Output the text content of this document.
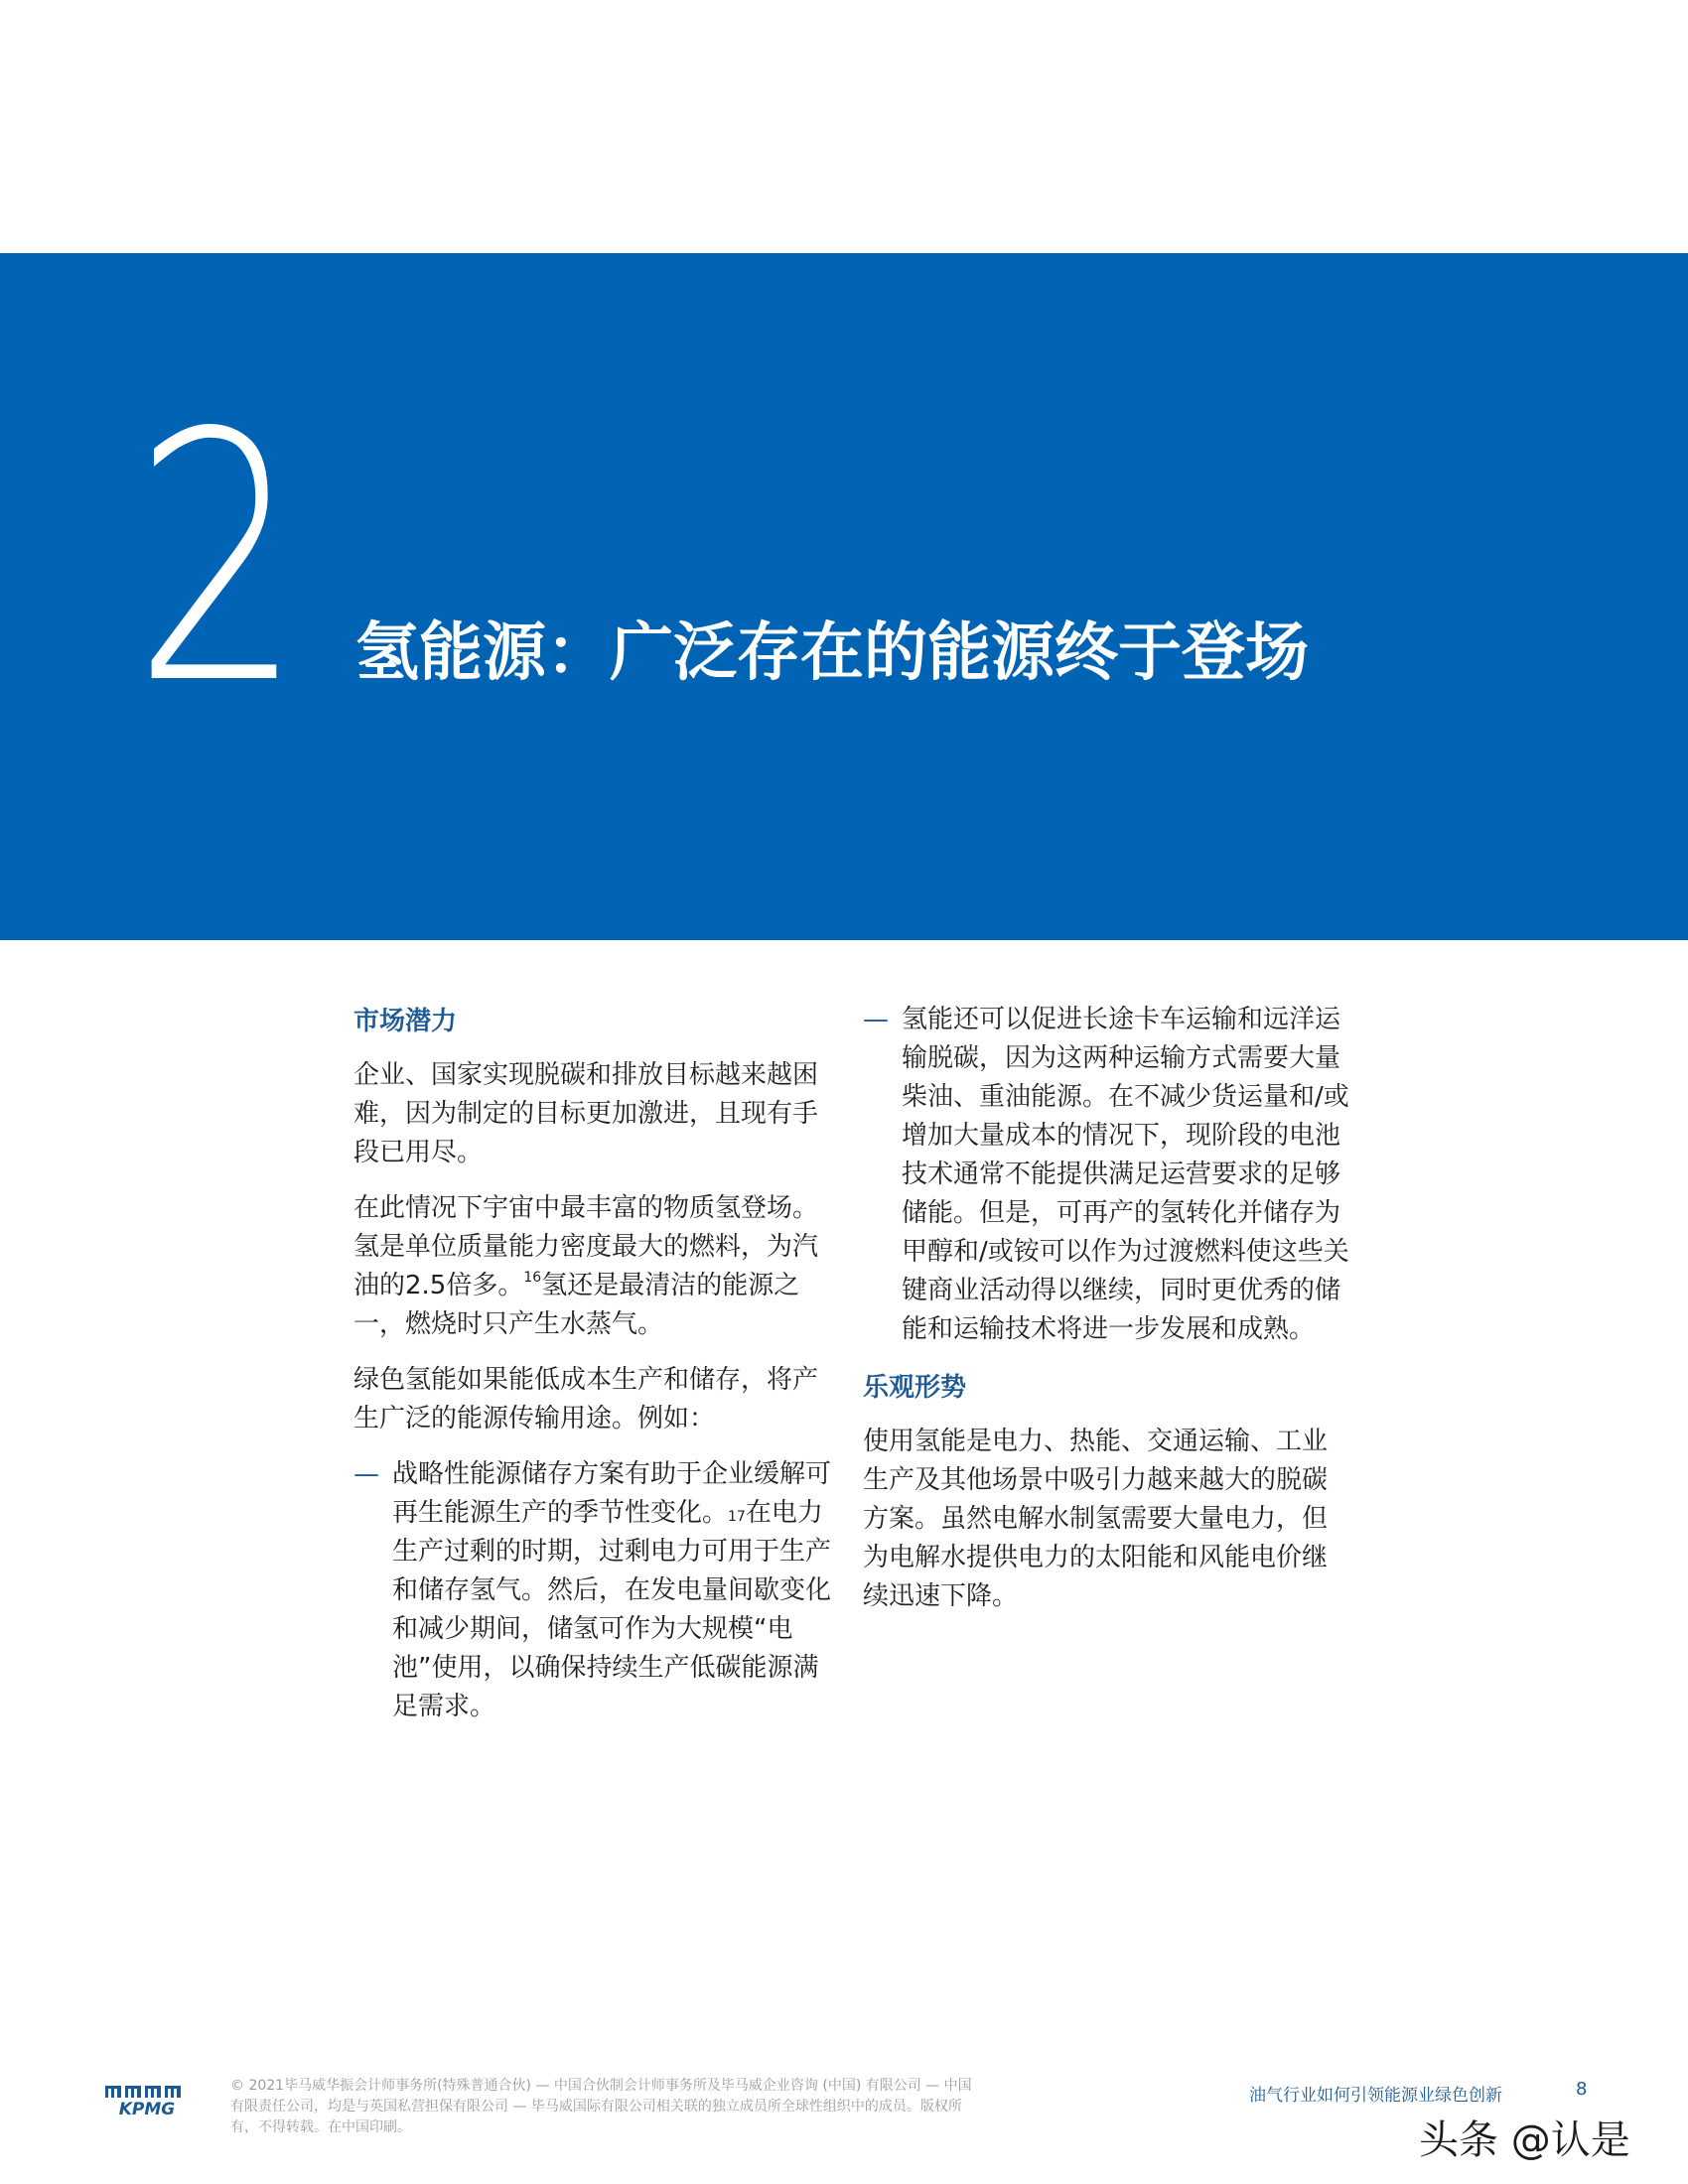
2 氢能源：广泛存在的能源终于登场
市场潜力

企业、国家实现脱碳和排放目标越来越困难，因为制定的目标更加激进，且现有手段已用尽。

在此情况下宇宙中最丰富的物质氢登场。氢是单位质量能力密度最大的燃料，为汽油的2.5倍多。$^{16}$氢还是最清洁的能源之一，燃烧时只产生水蒸气。

绿色氢能如果能低成本生产和储存，将产生广泛的能源传输用途。例如：

— 战略性能源储存方案有助于企业缓解可再生能源生产的季节性变化。$^{17}$在电力生产过剩的时期，过剩电力可用于生产和储存氢气。然后，在发电量间歇变化和减少期间，储氢可作为大规模“电池”使用，以确保持续生产低碳能源满足需求。
— 氢能还可以促进长途卡车运输和远洋运输脱碳，因为这两种运输方式需要大量柴油、重油能源。在不减少货运量和/或增加大量成本的情况下，现阶段的电池技术通常不能提供满足运营要求的足够储能。但是，可再产的氢转化并储存为甲醇和/或铵可以作为过渡燃料使这些关键商业活动得以继续，同时更优秀的储能和运输技术将进一步发展和成熟。
乐观形势

使用氢能是电力、热能、交通运输、工业生产及其他场景中吸引力越来越大的脱碳方案。虽然电解水制氢需要大量电力，但为电解水提供电力的太阳能和风能电价继续迅速下降。

KPMG
© 2021毕马威华振会计师事务所(特殊普通合伙) — 中国合伙制会计师事务所及毕马威企业咨询 (中国) 有限公司 — 中国有限责任公司，均是与英国私营担保有限公司 — 毕马威国际有限公司相关联的独立成员所全球性组织中的成员。版权所有，不得转载。在中国印刷。
油气行业如何引领能源业绿色创新	8
头条 @认是
